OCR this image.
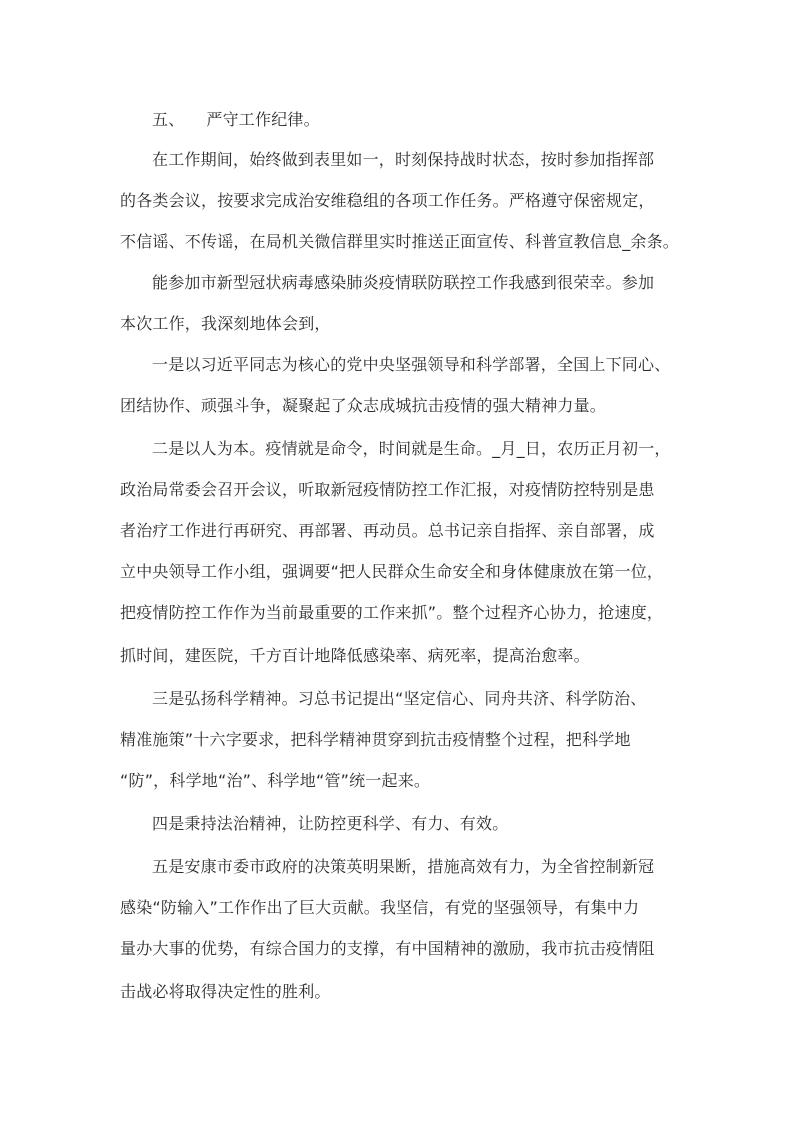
五、 严守工作纪律。
在工作期间，始终做到表里如一，时刻保持战时状态，按时参加指挥部
的各类会议，按要求完成治安维稳组的各项工作任务。严格遵守保密规定，
不信谣、不传谣，在局机关微信群里实时推送正面宣传、科普宣教信息_余条。
能参加市新型冠状病毒感染肺炎疫情联防联控工作我感到很荣幸。参加
本次工作，我深刻地体会到，
一是以习近平同志为核心的党中央坚强领导和科学部署，全国上下同心、
团结协作、顽强斗争，凝聚起了众志成城抗击疫情的强大精神力量。
二是以人为本。疫情就是命令，时间就是生命。_月_日，农历正月初一，
政治局常委会召开会议，听取新冠疫情防控工作汇报，对疫情防控特别是患
者治疗工作进行再研究、再部署、再动员。总书记亲自指挥、亲自部署，成
立中央领导工作小组，强调要“把人民群众生命安全和身体健康放在第一位，
把疫情防控工作作为当前最重要的工作来抓”。整个过程齐心协力，抢速度，
抓时间，建医院，千方百计地降低感染率、病死率，提高治愈率。
三是弘扬科学精神。习总书记提出“坚定信心、同舟共济、科学防治、
精准施策”十六字要求，把科学精神贯穿到抗击疫情整个过程，把科学地
“防”，科学地“治”、科学地“管”统一起来。
四是秉持法治精神，让防控更科学、有力、有效。
五是安康市委市政府的决策英明果断，措施高效有力，为全省控制新冠
感染“防输入”工作作出了巨大贡献。我坚信，有党的坚强领导，有集中力
量办大事的优势，有综合国力的支撑，有中国精神的激励，我市抗击疫情阻
击战必将取得决定性的胜利。
